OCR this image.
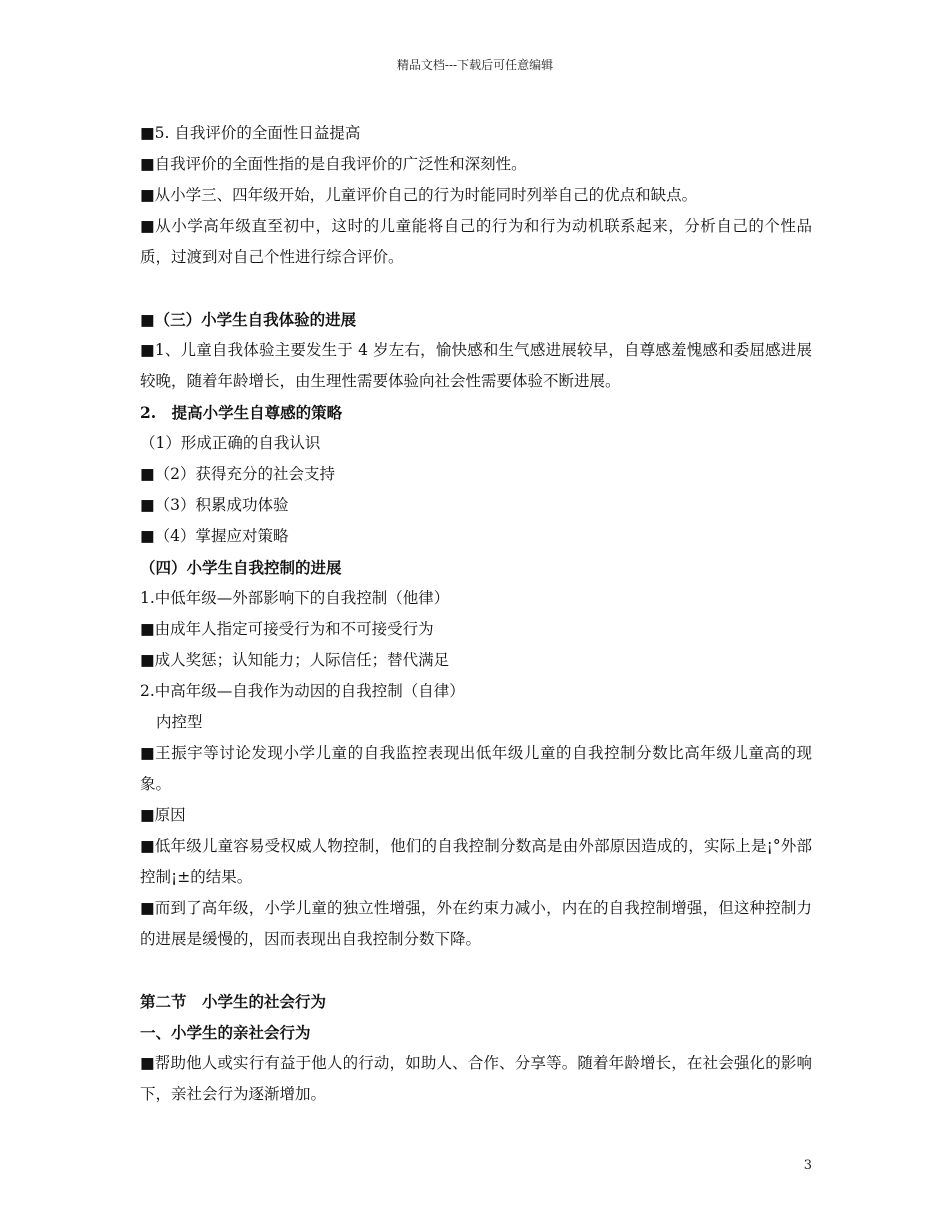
精品文档---下载后可任意编辑
■5. 自我评价的全面性日益提高
■自我评价的全面性指的是自我评价的广泛性和深刻性。
■从小学三、四年级开始，儿童评价自己的行为时能同时列举自己的优点和缺点。
■从小学高年级直至初中，这时的儿童能将自己的行为和行为动机联系起来，分析自己的个性品质，过渡到对自己个性进行综合评价。
■（三）小学生自我体验的进展
■1、儿童自我体验主要发生于 4 岁左右，愉快感和生气感进展较早，自尊感羞愧感和委屈感进展较晚，随着年龄增长，由生理性需要体验向社会性需要体验不断进展。
2.　提高小学生自尊感的策略
（1）形成正确的自我认识
■（2）获得充分的社会支持
■（3）积累成功体验
■（4）掌握应对策略
（四）小学生自我控制的进展
1.中低年级—外部影响下的自我控制（他律）
■由成年人指定可接受行为和不可接受行为
■成人奖惩；认知能力；人际信任；替代满足
2.中高年级—自我作为动因的自我控制（自律）
内控型
■王振宇等讨论发现小学儿童的自我监控表现出低年级儿童的自我控制分数比高年级儿童高的现象。
■原因
■低年级儿童容易受权威人物控制，他们的自我控制分数高是由外部原因造成的，实际上是¡°外部控制¡±的结果。
■而到了高年级，小学儿童的独立性增强，外在约束力减小，内在的自我控制增强，但这种控制力的进展是缓慢的，因而表现出自我控制分数下降。
第二节　小学生的社会行为
一、小学生的亲社会行为
■帮助他人或实行有益于他人的行动，如助人、合作、分享等。随着年龄增长，在社会强化的影响下，亲社会行为逐渐增加。
3
